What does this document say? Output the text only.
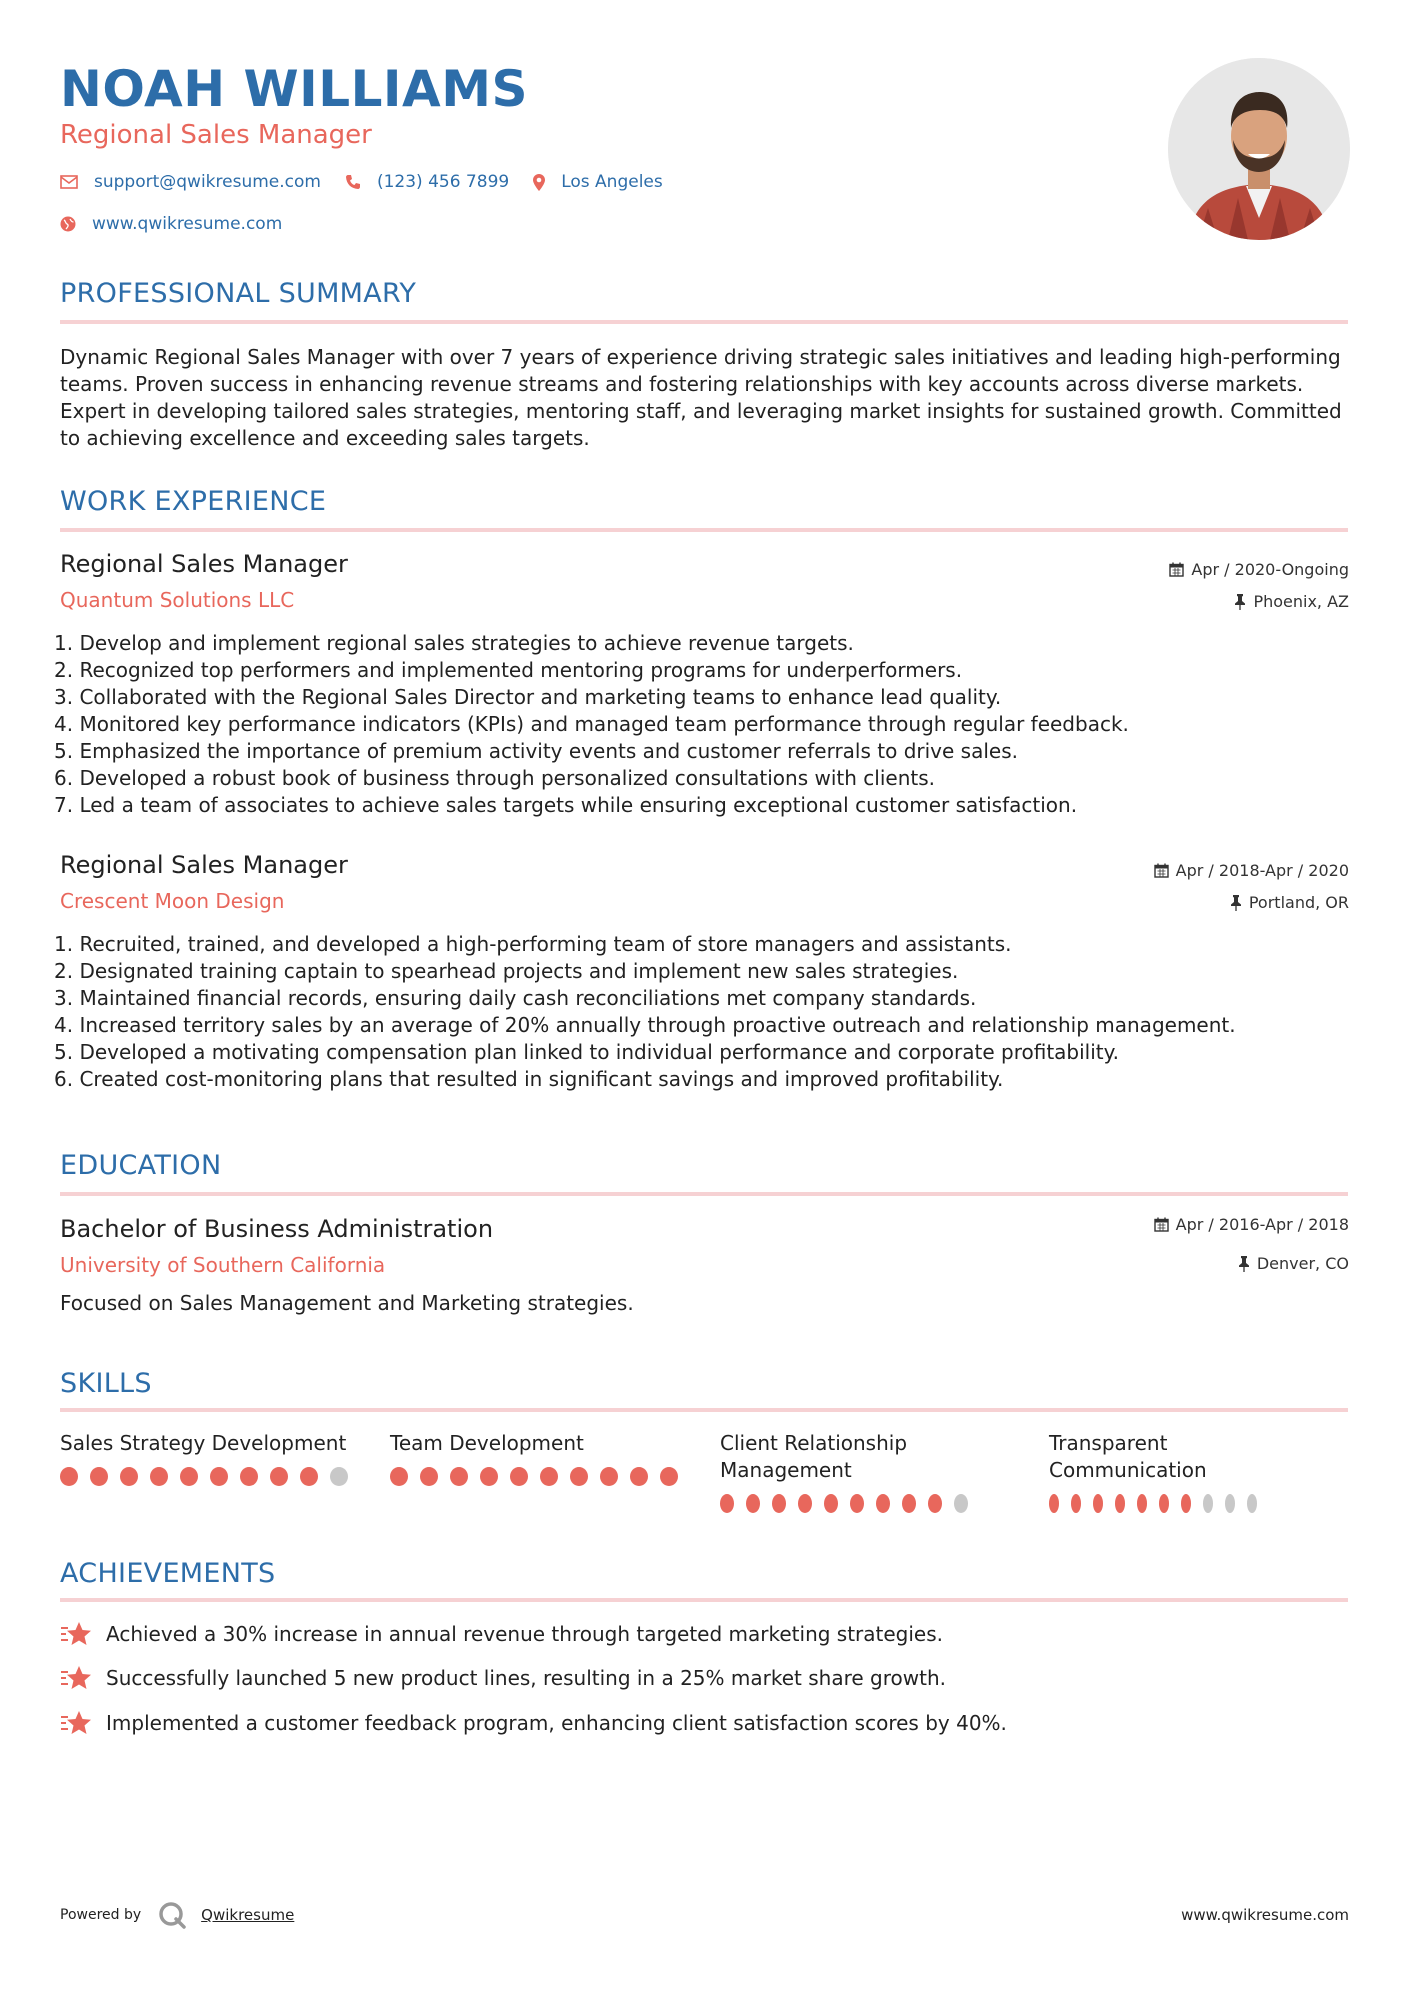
NOAH WILLIAMS
Regional Sales Manager
support@qwikresume.com	(123) 456 7899	Los Angeles
www.qwikresume.com
PROFESSIONAL SUMMARY
Dynamic Regional Sales Manager with over 7 years of experience driving strategic sales initiatives and leading high-performing teams. Proven success in enhancing revenue streams and fostering relationships with key accounts across diverse markets. Expert in developing tailored sales strategies, mentoring staff, and leveraging market insights for sustained growth. Committed to achieving excellence and exceeding sales targets.
WORK EXPERIENCE
Regional Sales Manager
Quantum Solutions LLC
Apr / 2020-Ongoing
Phoenix, AZ
1. Develop and implement regional sales strategies to achieve revenue targets.
2. Recognized top performers and implemented mentoring programs for underperformers.
3. Collaborated with the Regional Sales Director and marketing teams to enhance lead quality.
4. Monitored key performance indicators (KPIs) and managed team performance through regular feedback.
5. Emphasized the importance of premium activity events and customer referrals to drive sales.
6. Developed a robust book of business through personalized consultations with clients.
7. Led a team of associates to achieve sales targets while ensuring exceptional customer satisfaction.
Regional Sales Manager
Crescent Moon Design
Apr / 2018-Apr / 2020
Portland, OR
1. Recruited, trained, and developed a high-performing team of store managers and assistants.
2. Designated training captain to spearhead projects and implement new sales strategies.
3. Maintained financial records, ensuring daily cash reconciliations met company standards.
4. Increased territory sales by an average of 20% annually through proactive outreach and relationship management.
5. Developed a motivating compensation plan linked to individual performance and corporate profitability.
6. Created cost-monitoring plans that resulted in significant savings and improved profitability.
EDUCATION
Bachelor of Business Administration
University of Southern California
Apr / 2016-Apr / 2018
Denver, CO
Focused on Sales Management and Marketing strategies.
SKILLS
Sales Strategy Development	Team Development	Client Relationship Management
Transparent Communication
ACHIEVEMENTS
Achieved a 30% increase in annual revenue through targeted marketing strategies.
Successfully launched 5 new product lines, resulting in a 25% market share growth.
Implemented a customer feedback program, enhancing client satisfaction scores by 40%.
Powered by	Qwikresume	www.qwikresume.com
